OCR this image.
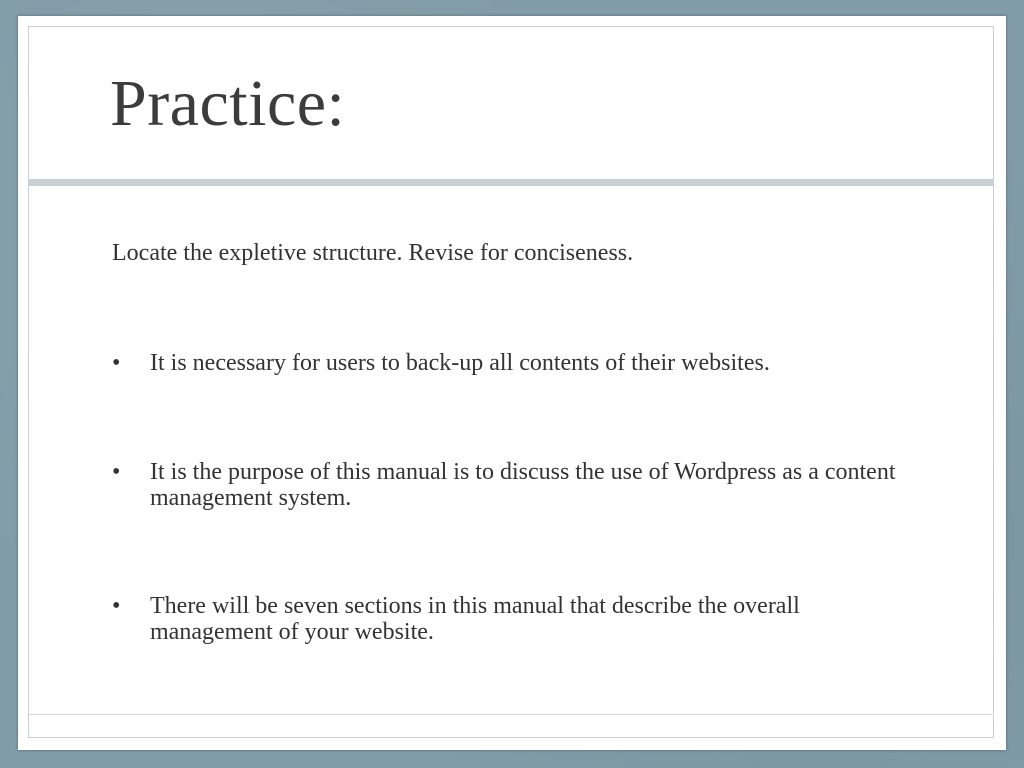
Practice:

Locate the expletive structure. Revise for conciseness.

•	It is necessary for users to back-up all contents of their websites.
•	It is the purpose of this manual is to discuss the use of Wordpress as a content management system.
•	There will be seven sections in this manual that describe the overall management of your website.
